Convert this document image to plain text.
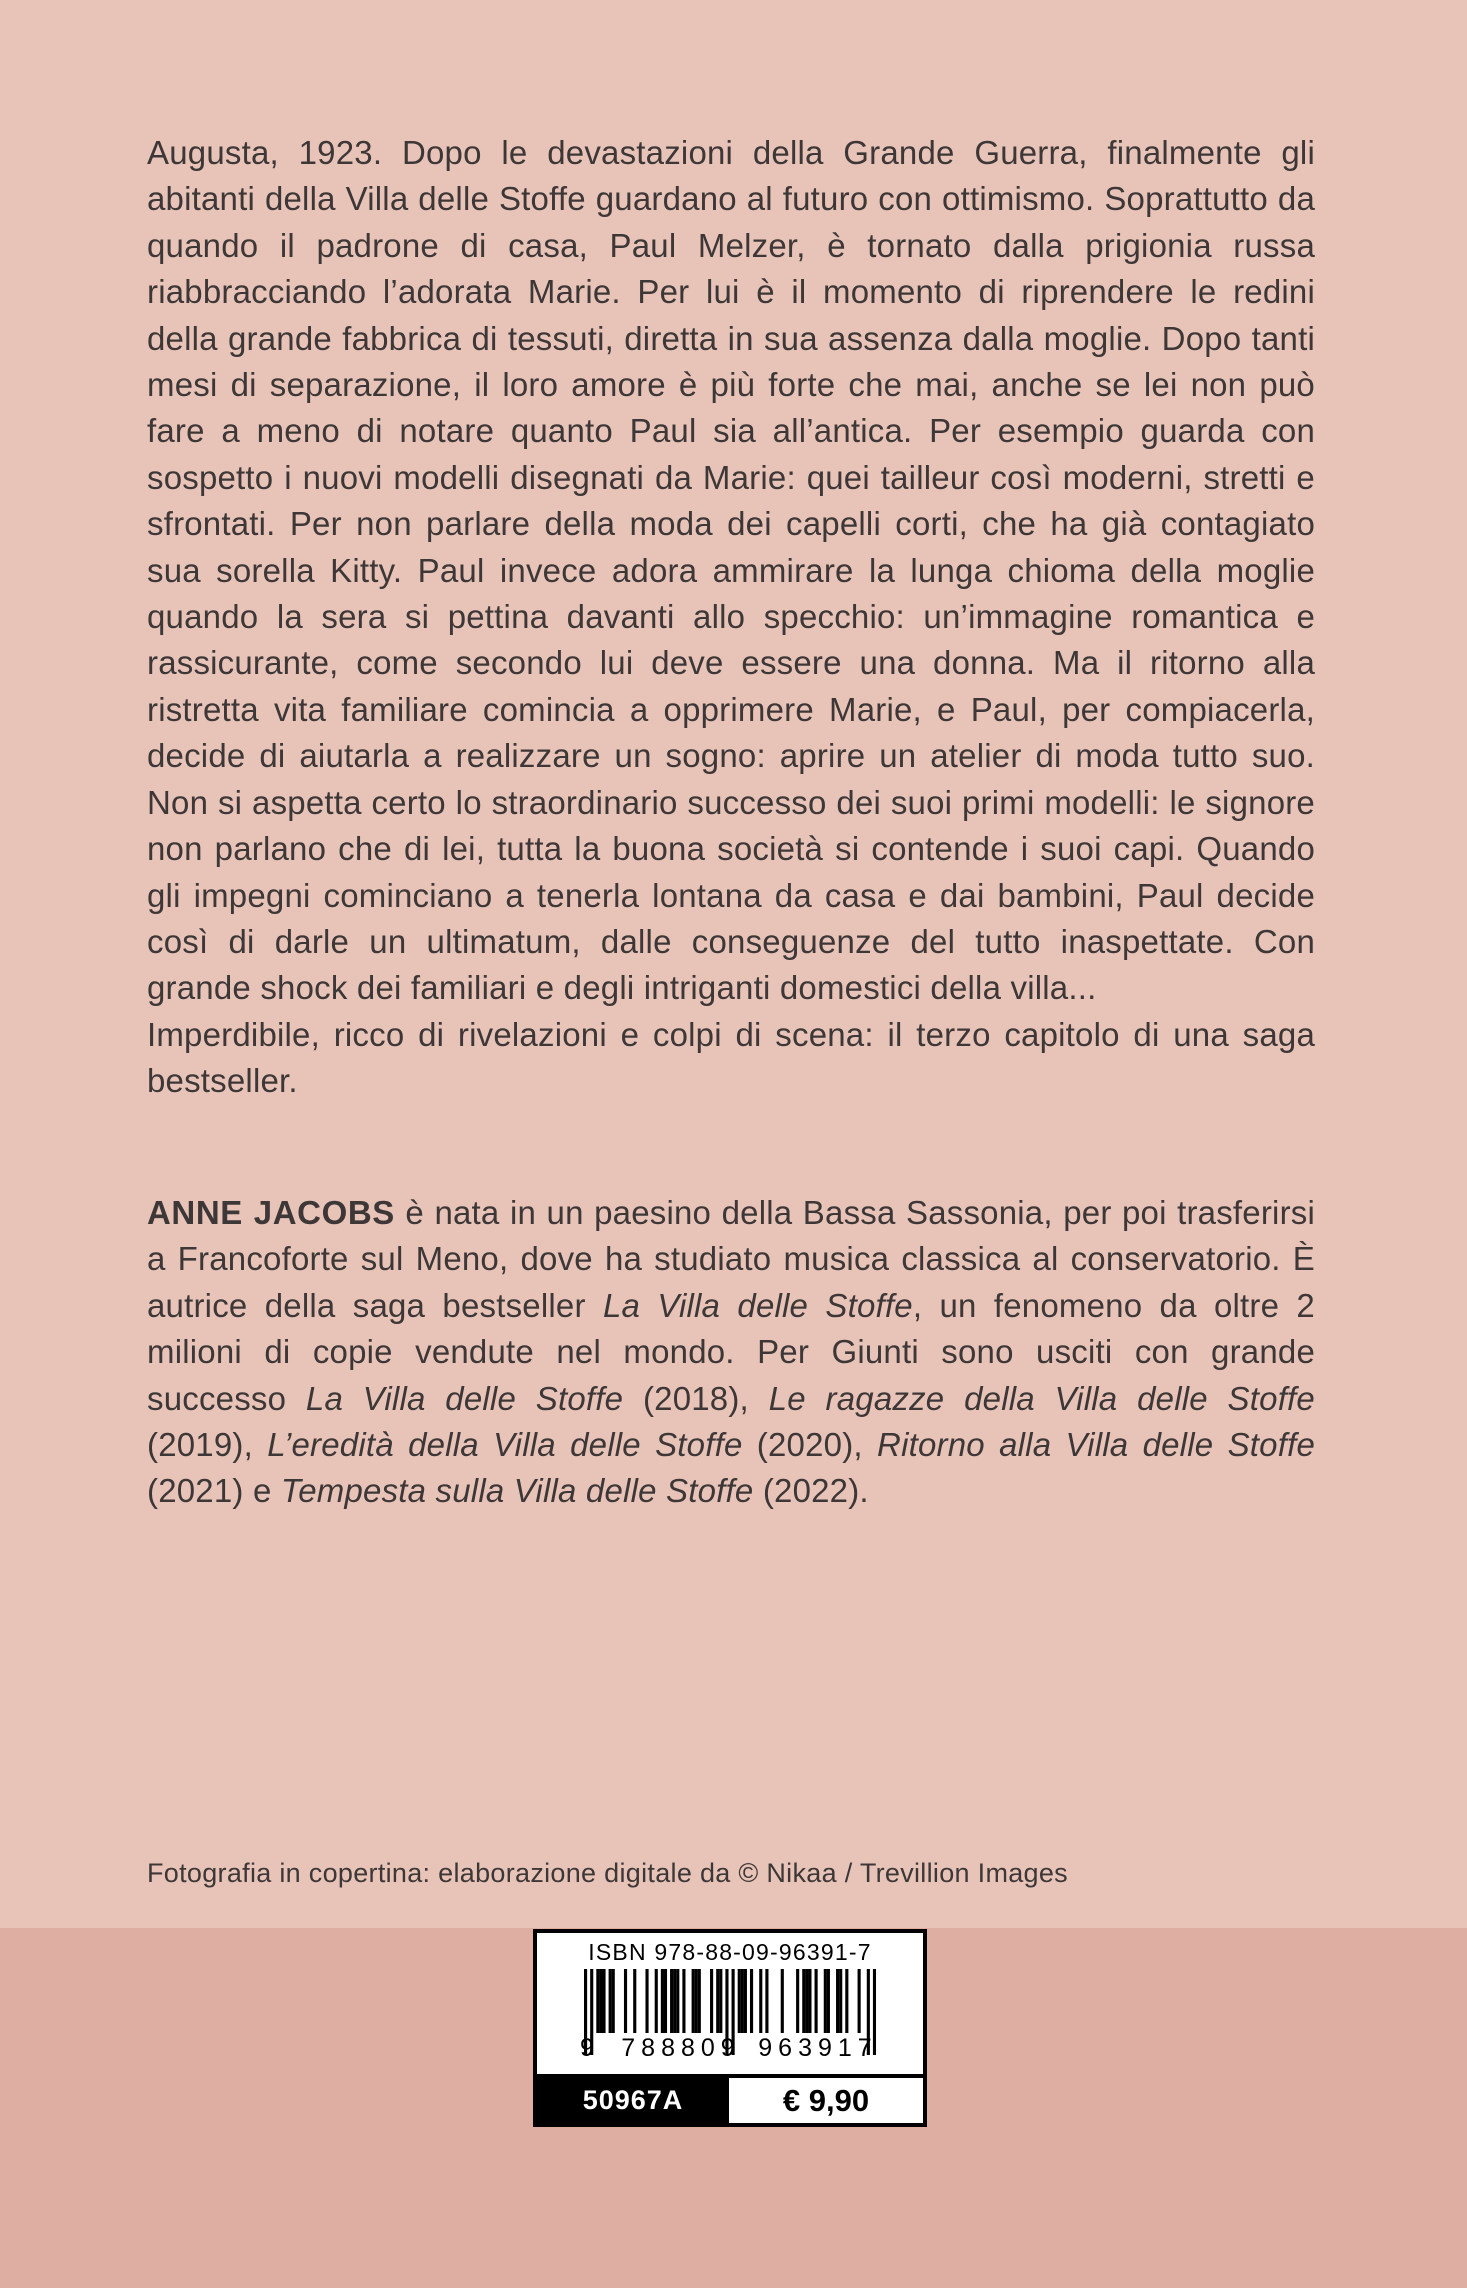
Augusta, 1923. Dopo le devastazioni della Grande Guerra, finalmente gli abitanti della Villa delle Stoffe guardano al futuro con ottimismo. Soprattutto da quando il padrone di casa, Paul Melzer, è tornato dalla prigionia russa riabbracciando l’adorata Marie. Per lui è il momento di riprendere le redini della grande fabbrica di tessuti, diretta in sua assenza dalla moglie. Dopo tanti mesi di separazione, il loro amore è più forte che mai, anche se lei non può fare a meno di notare quanto Paul sia all’antica. Per esempio guarda con sospetto i nuovi modelli disegnati da Marie: quei tailleur così moderni, stretti e sfrontati. Per non parlare della moda dei capelli corti, che ha già contagiato sua sorella Kitty. Paul invece adora ammirare la lunga chioma della moglie quando la sera si pettina davanti allo specchio: un’immagine romantica e rassicurante, come secondo lui deve essere una donna. Ma il ritorno alla ristretta vita familiare comincia a opprimere Marie, e Paul, per compiacerla, decide di aiutarla a realizzare un sogno: aprire un atelier di moda tutto suo. Non si aspetta certo lo straordinario successo dei suoi primi modelli: le signore non parlano che di lei, tutta la buona società si contende i suoi capi. Quando gli impegni cominciano a tenerla lontana da casa e dai bambini, Paul decide così di darle un ultimatum, dalle conseguenze del tutto inaspettate. Con grande shock dei familiari e degli intriganti domestici della villa...

Imperdibile, ricco di rivelazioni e colpi di scena: il terzo capitolo di una saga bestseller.

ANNE JACOBS è nata in un paesino della Bassa Sassonia, per poi trasferirsi a Francoforte sul Meno, dove ha studiato musica classica al conservatorio. È autrice della saga bestseller La Villa delle Stoffe, un fenomeno da oltre 2 milioni di copie vendute nel mondo. Per Giunti sono usciti con grande successo La Villa delle Stoffe (2018), Le ragazze della Villa delle Stoffe (2019), L’eredità della Villa delle Stoffe (2020), Ritorno alla Villa delle Stoffe (2021) e Tempesta sulla Villa delle Stoffe (2022).

Fotografia in copertina: elaborazione digitale da © Nikaa / Trevillion Images
ISBN 978-88-09-96391-7
9	788809 963917
50967A	€ 9,90
